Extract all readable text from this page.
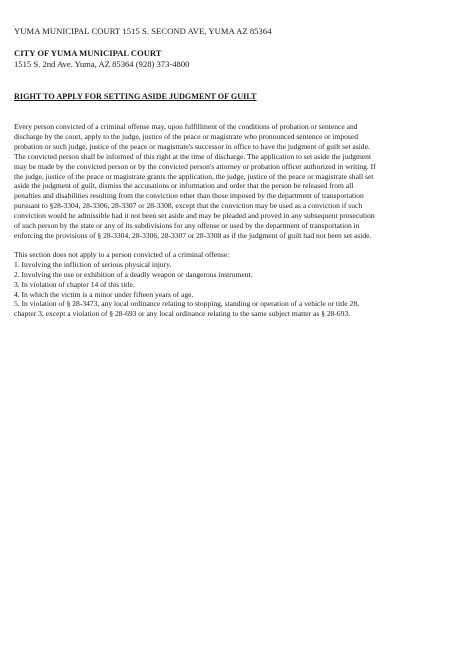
YUMA MUNICIPAL COURT 1515 S. SECOND AVE, YUMA AZ 85364
CITY OF YUMA MUNICIPAL COURT
1515 S. 2nd Ave. Yuma, AZ 85364 (928) 373-4800
RIGHT TO APPLY FOR SETTING ASIDE JUDGMENT OF GUILT
Every person convicted of a criminal offense may, upon fulfillment of the conditions of probation or sentence and
discharge by the court, apply to the judge, justice of the peace or magistrate who pronounced sentence or imposed
probation or such judge, justice of the peace or magistrate's successor in office to have the judgment of guilt set aside.
The convicted person shall be informed of this right at the time of discharge. The application to set aside the judgment
may be made by the convicted person or by the convicted person's attorney or probation officer authorized in writing. If
the judge, justice of the peace or magistrate grants the application, the judge, justice of the peace or magistrate shall set
aside the judgment of guilt, dismiss the accusations or information and order that the person be released from all
penalties and disabilities resulting from the conviction other than those imposed by the department of transportation
pursuant to §28-3304, 28-3306, 28-3307 or 28-3308, except that the conviction may be used as a conviction if such
conviction would be admissible had it not been set aside and may be pleaded and proved in any subsequent prosecution
of such person by the state or any of its subdivisions for any offense or used by the department of transportation in
enforcing the provisions of § 28-3304, 28-3306, 28-3307 or 28-3308 as if the judgment of guilt had not been set aside.
This section does not apply to a person convicted of a criminal offense:
1. Involving the infliction of serious physical injury.
2. Involving the use or exhibition of a deadly weapon or dangerous instrument.
3. In violation of chapter 14 of this title.
4. In which the victim is a minor under fifteen years of age.
5. In violation of § 28-3473, any local ordinance relating to stopping, standing or operation of a vehicle or title 28,
chapter 3, except a violation of § 28-693 or any local ordinance relating to the same subject matter as § 28-693.
